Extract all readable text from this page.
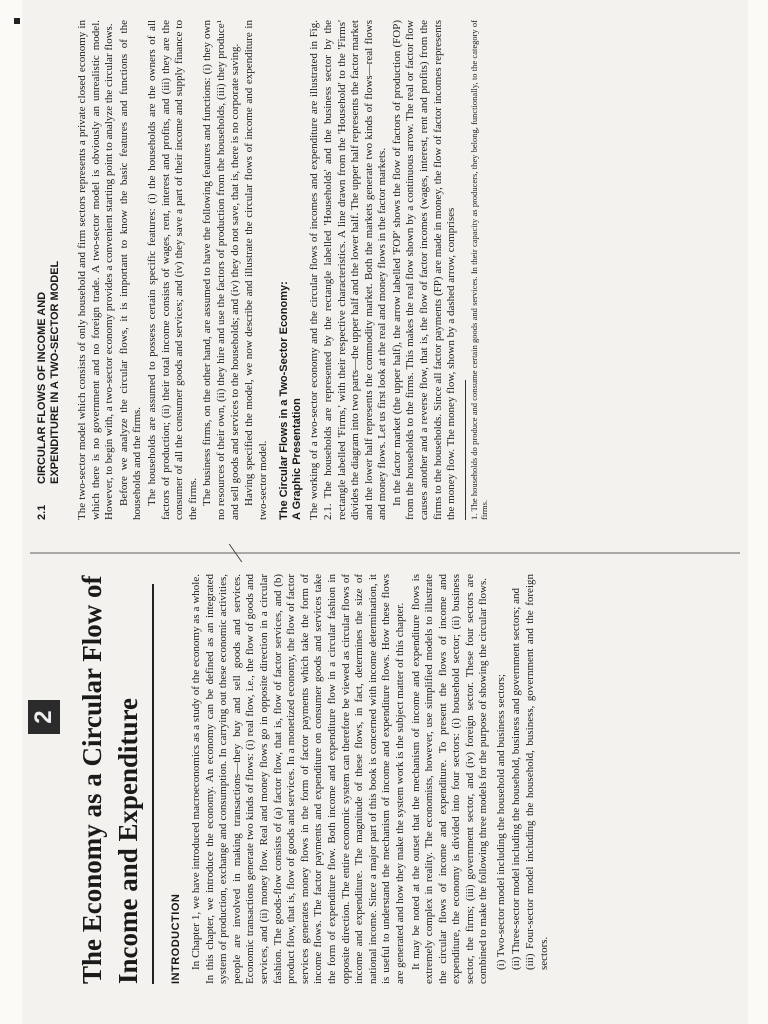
2 The Economy as a Circular Flow of Income and Expenditure INTRODUCTION In Chapter 1, we have introduced macroeconomics as a study of the economy as a whole. In this chapter, we introduce the economy. An economy can be defined as an integrated system of production, exchange and consumption. In carrying out these economic activities, people are involved in making transactions—they buy and sell goods and services. Economic transactions generate two kinds of flows: (i) real flow, i.e., the flow of goods and services, and (ii) money flow. Real and money flows go in opposite direction in a circular fashion. The goods-flow consists of (a) factor flow, that is, flow of factor services, and (b) product flow, that is, flow of goods and services. In a monetized economy, the flow of factor services generates money flows in the form of factor payments which take the form of income flows. The factor payments and expenditure on consumer goods and services take the form of expenditure flow. Both income and expenditure flow in a circular fashion in opposite direction. The entire economic system can therefore be viewed as circular flows of income and expenditure. The magnitude of these flows, in fact, determines the size of national income. Since a major part of this book is concerned with income determination, it is useful to understand the mechanism of income and expenditure flows. How these flows are generated and how they make the system work is the subject matter of this chapter. It may be noted at the outset that the mechanism of income and expenditure flows is extremely complex in reality. The economists, however, use simplified models to illustrate the circular flows of income and expenditure. To present the flows of income and expenditure, the economy is divided into four sectors: (i) household sector; (ii) business sector, the firms; (iii) government sector, and (iv) foreign sector. These four sectors are combined to make the following three models for the purpose of showing the circular flows. (i) Two-sector model including the household and business sectors; (ii) Three-sector model including the household, business and government sectors; and (iii) Four-sector model including the household, business, government and the foreign sectors.
2.1CIRCULAR FLOWS OF INCOME AND
EXPENDITURE IN A TWO-SECTOR MODEL The two-sector model which consists of only household and firm sectors represents a private closed economy in which there is no government and no foreign trade. A two-sector model is obviously an unrealistic model. However, to begin with, a two-sector economy provides a convenient starting point to analyze the circular flows. Before we analyze the circular flows, it is important to know the basic features and functions of the households and the firms. The households are assumed to possess certain specific features: (i) the households are the owners of all factors of production; (ii) their total income consists of wages, rent, interest and profits, and (iii) they are the consumer of all the consumer goods and services; and (iv) they save a part of their income and supply finance to the firms. The business firms, on the other hand, are assumed to have the following features and functions: (i) they own no resources of their own, (ii) they hire and use the factors of production from the households, (iii) they produce¹ and sell goods and services to the households; and (iv) they do not save, that is, there is no corporate saving. Having specified the model, we now describe and illustrate the circular flows of income and expenditure in two-sector model. The Circular Flows in a Two-Sector Economy:
A Graphic Presentation The working of a two-sector economy and the circular flows of incomes and expenditure are illustrated in Fig. 2.1. The households are represented by the rectangle labelled 'Households' and the business sector by the rectangle labelled 'Firms,' with their respective characteristics. A line drawn from the 'Household' to the 'Firms' divides the diagram into two parts—the upper half and the lower half. The upper half represents the factor market and the lower half represents the commodity market. Both the markets generate two kinds of flows—real flows and money flows. Let us first look at the real and money flows in the factor markets. In the factor market (the upper half), the arrow labelled 'FOP' shows the flow of factors of production (FOP) from the households to the firms. This makes the real flow shown by a continuous arrow. The real or factor flow causes another and a reverse flow, that is, the flow of factor incomes (wages, interest, rent and profits) from the firms to the households. Since all factor payments (FP) are made in money, the flow of factor incomes represents the money flow. The money flow, shown by a dashed arrow, comprises 1. The households do produce and consume certain goods and services. In their capacity as producers, they belong, functionally, to the category of firms.
